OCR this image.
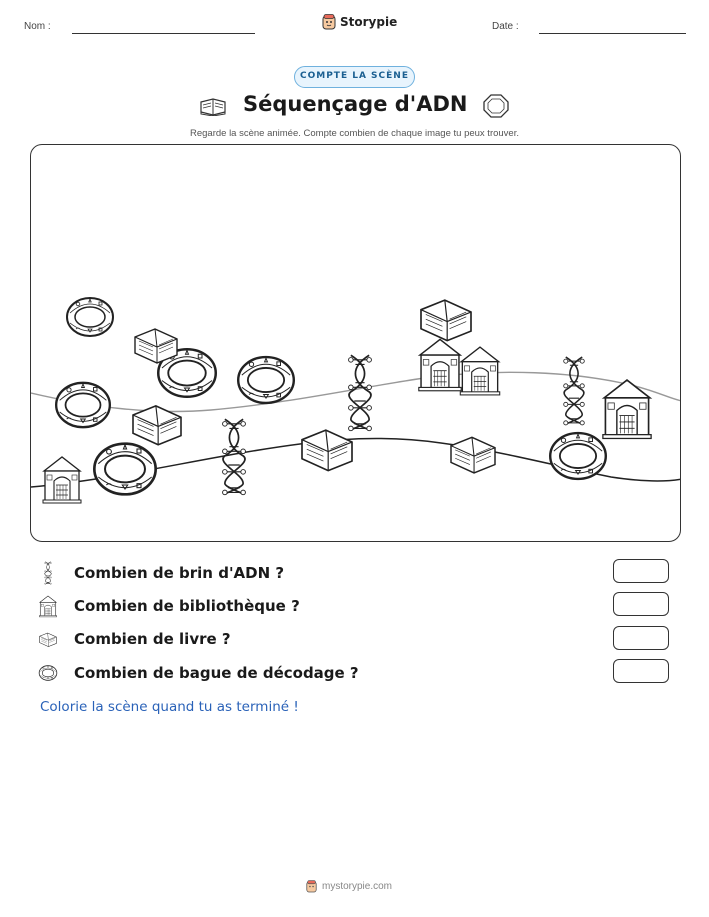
Nom :	Storypie	Date :
COMPTE LA SCÈNE
Séquençage d'ADN
Regarde la scène animée. Compte combien de chaque image tu peux trouver.
Combien de brin d'ADN ?
Combien de bibliothèque ?
Combien de livre ?
Combien de bague de décodage ?
Colorie la scène quand tu as terminé !
mystorypie.com
